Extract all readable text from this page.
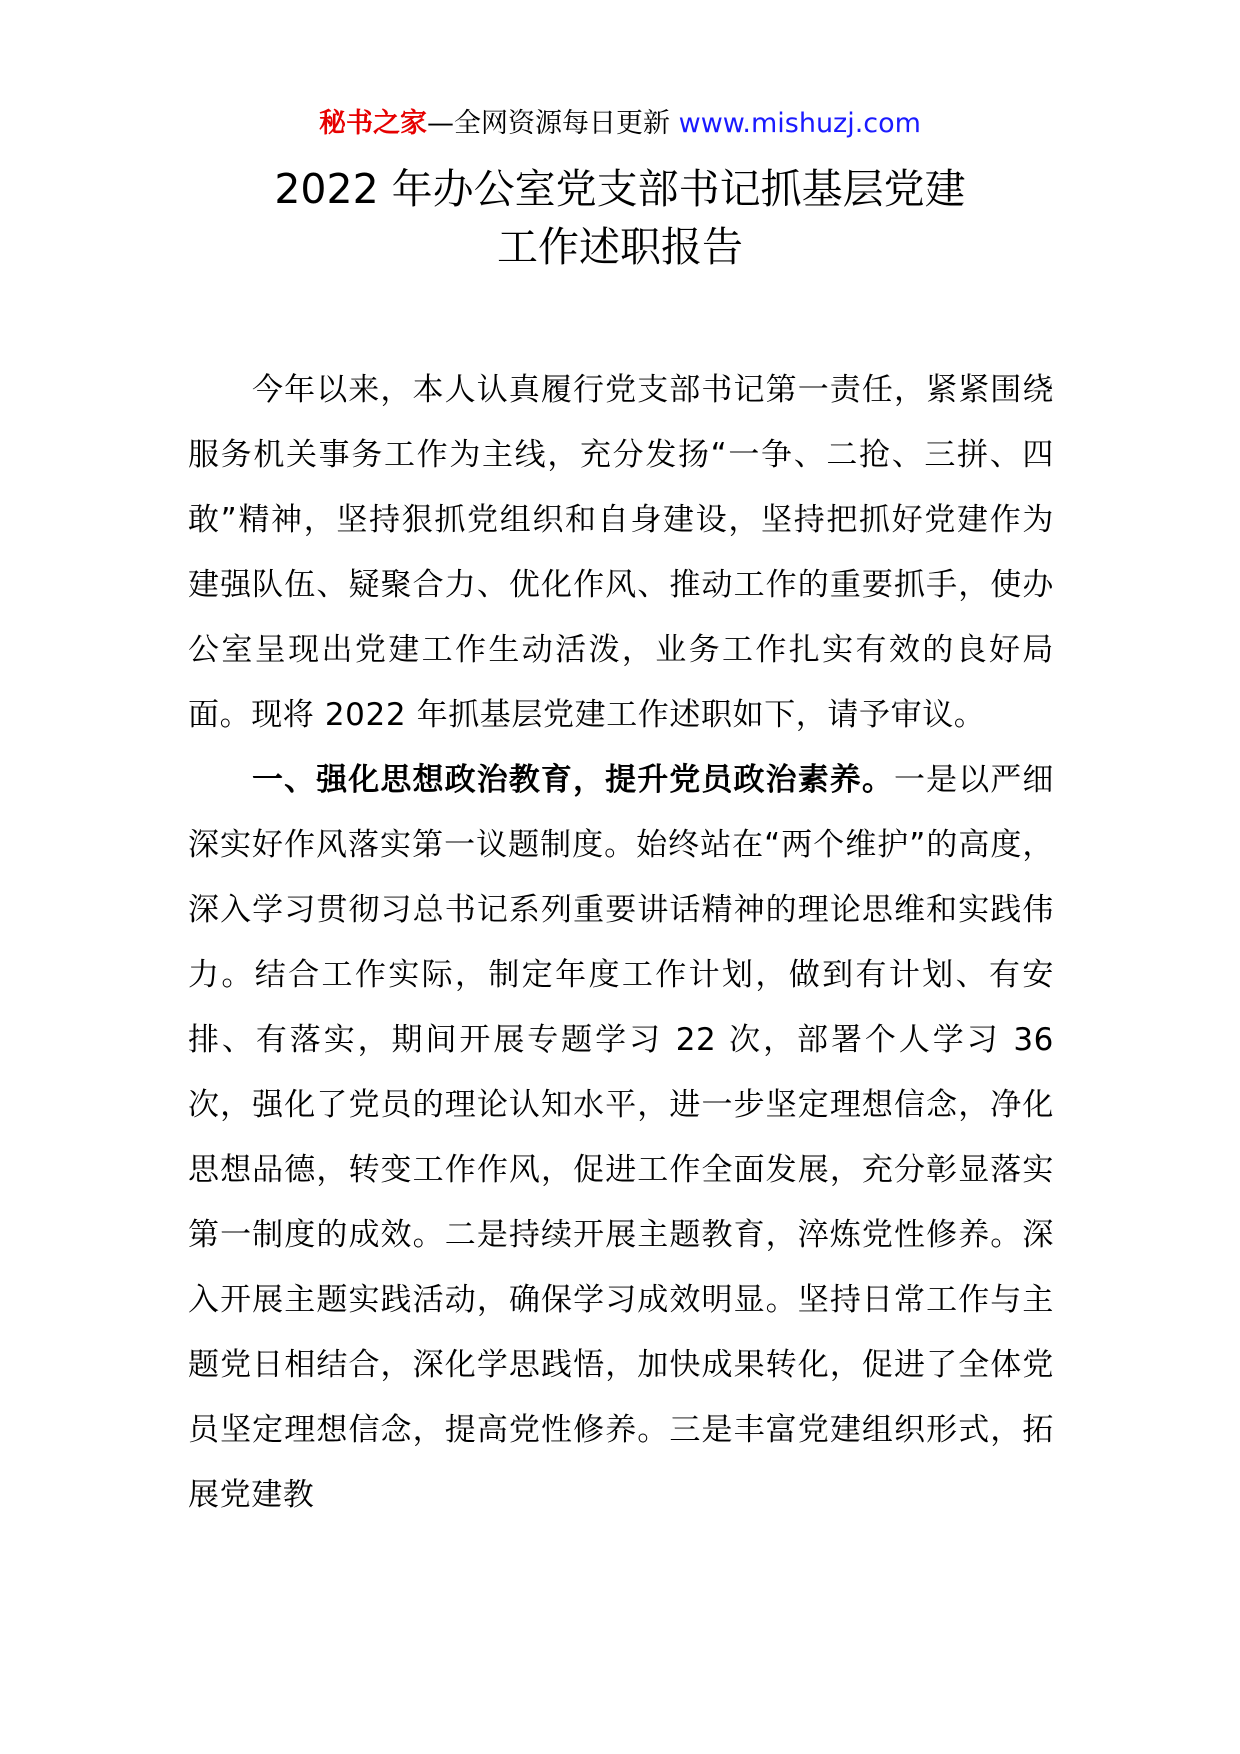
秘书之家—全网资源每日更新 www.mishuzj.com
2022 年办公室党支部书记抓基层党建
工作述职报告

今年以来，本人认真履行党支部书记第一责任，紧紧围绕服务机关事务工作为主线，充分发扬“一争、二抢、三拼、四敢”精神，坚持狠抓党组织和自身建设，坚持把抓好党建作为建强队伍、疑聚合力、优化作风、推动工作的重要抓手，使办公室呈现出党建工作生动活泼，业务工作扎实有效的良好局面。现将 2022 年抓基层党建工作述职如下，请予审议。

一、强化思想政治教育，提升党员政治素养。一是以严细深实好作风落实第一议题制度。始终站在“两个维护”的高度，深入学习贯彻习总书记系列重要讲话精神的理论思维和实践伟力。结合工作实际，制定年度工作计划，做到有计划、有安排、有落实，期间开展专题学习 22 次，部署个人学习 36 次，强化了党员的理论认知水平，进一步坚定理想信念，净化思想品德，转变工作作风，促进工作全面发展，充分彰显落实第一制度的成效。二是持续开展主题教育，淬炼党性修养。深入开展主题实践活动，确保学习成效明显。坚持日常工作与主题党日相结合，深化学思践悟，加快成果转化，促进了全体党员坚定理想信念，提高党性修养。三是丰富党建组织形式，拓展党建教
